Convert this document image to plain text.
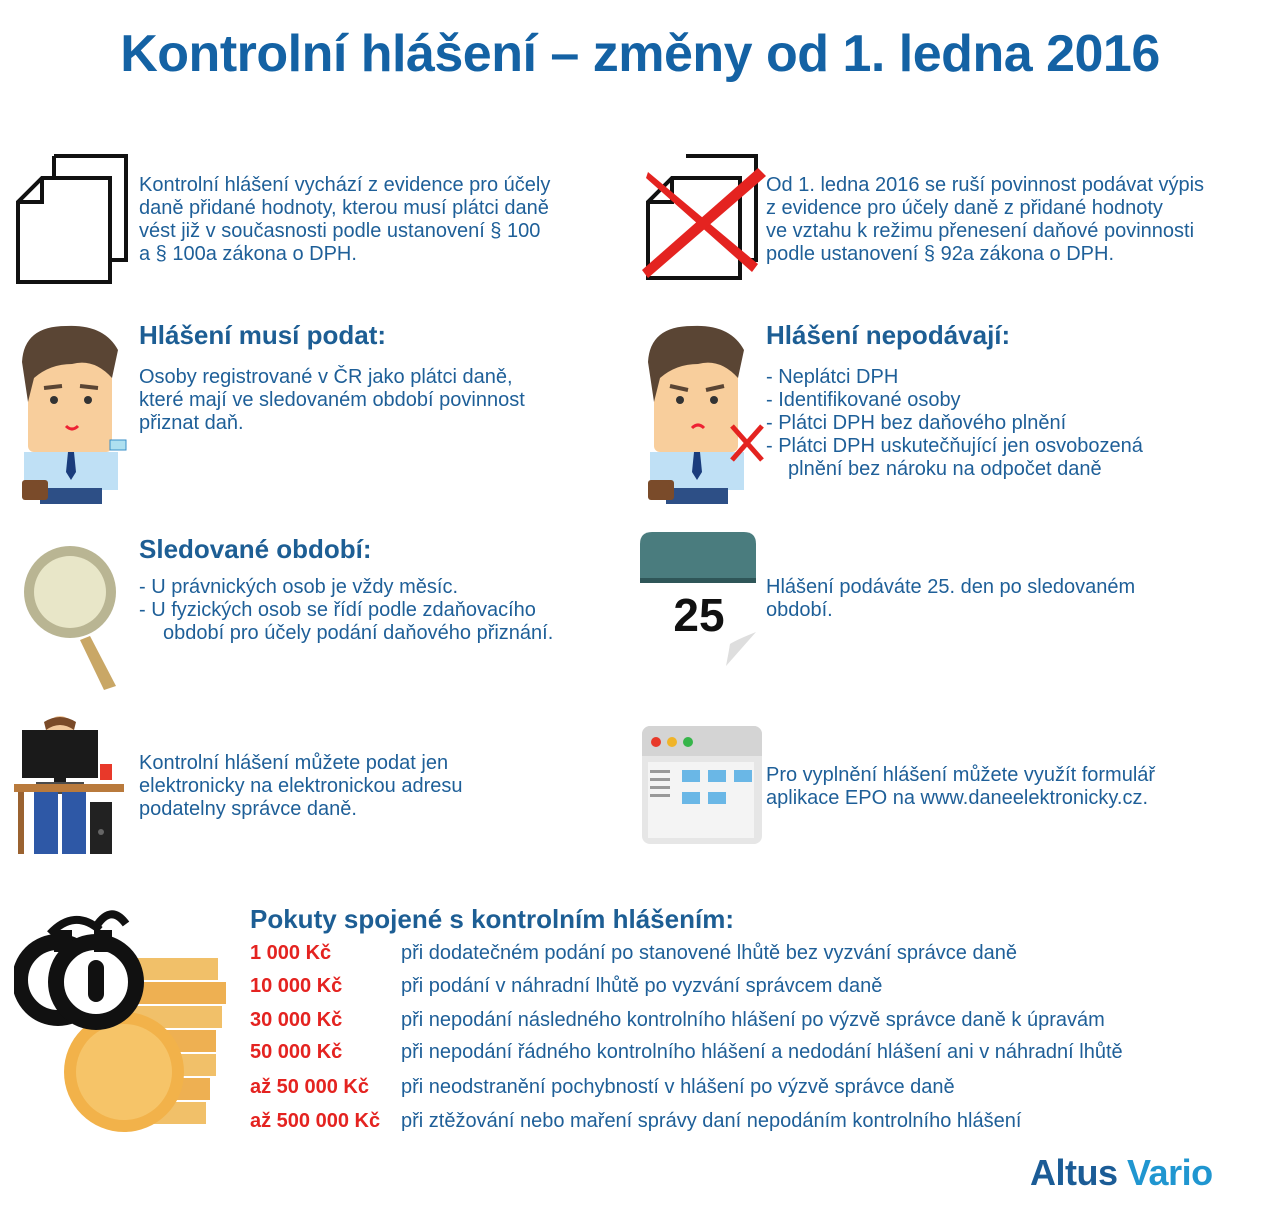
Kontrolní hlášení – změny od 1. ledna 2016
Kontrolní hlášení vychází z evidence pro účely
daně přidané hodnoty, kterou musí plátci daně
vést již v současnosti podle ustanovení § 100
a § 100a zákona o DPH.
Od 1. ledna 2016 se ruší povinnost podávat výpis
z evidence pro účely daně z přidané hodnoty
ve vztahu k režimu přenesení daňové povinnosti
podle ustanovení § 92a zákona o DPH.
Hlášení musí podat:
Osoby registrované v ČR jako plátci daně,
které mají ve sledovaném období povinnost
přiznat daň.
Hlášení nepodávají:
- Neplátci DPH
- Identifikované osoby
- Plátci DPH bez daňového plnění
- Plátci DPH uskutečňující jen osvobozená
plnění bez nároku na odpočet daně
Sledované období:
- U právnických osob je vždy měsíc.
- U fyzických osob se řídí podle zdaňovacího
období pro účely podání daňového přiznání.	25
Hlášení podáváte 25. den po sledovaném
období.
Kontrolní hlášení můžete podat jen
elektronicky na elektronickou adresu
podatelny správce daně.
Pro vyplnění hlášení můžete využít formulář
aplikace EPO na www.daneelektronicky.cz.
Pokuty spojené s kontrolním hlášením:
1 000 Kč	při dodatečném podání po stanovené lhůtě bez vyzvání správce daně
10 000 Kč	při podání v náhradní lhůtě po vyzvání správcem daně
30 000 Kč	při nepodání následného kontrolního hlášení po výzvě správce daně k úpravám
50 000 Kč	při nepodání řádného kontrolního hlášení a nedodání hlášení ani v náhradní lhůtě
až 50 000 Kč při neodstranění pochybností v hlášení po výzvě správce daně
až 500 000 Kč při ztěžování nebo maření správy daní nepodáním kontrolního hlášení
Altus Vario
